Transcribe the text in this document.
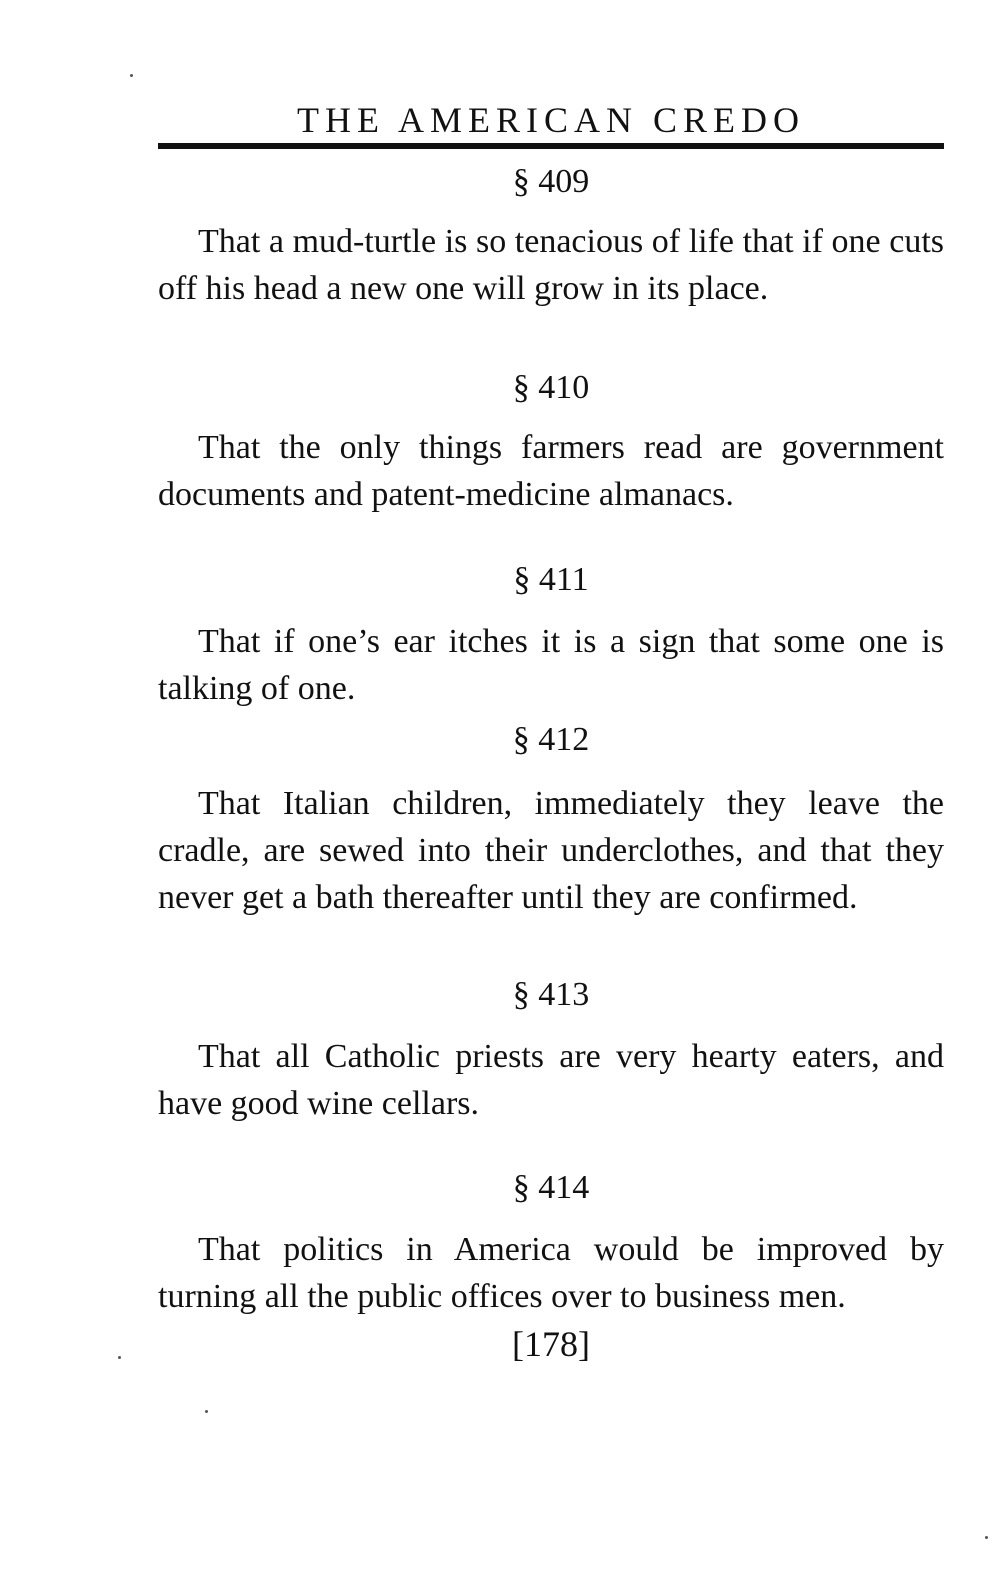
THE AMERICAN CREDO
§ 409
That a mud-turtle is so tenacious of life that if one cuts off his head a new one will grow in its place.
§ 410
That the only things farmers read are government documents and patent-medicine almanacs.
§ 411
That if one’s ear itches it is a sign that some one is talking of one.
§ 412
That Italian children, immediately they leave the cradle, are sewed into their underclothes, and that they never get a bath thereafter until they are confirmed.
§ 413
That all Catholic priests are very hearty eaters, and have good wine cellars.
§ 414
That politics in America would be improved by turning all the public offices over to business men.
[178]
